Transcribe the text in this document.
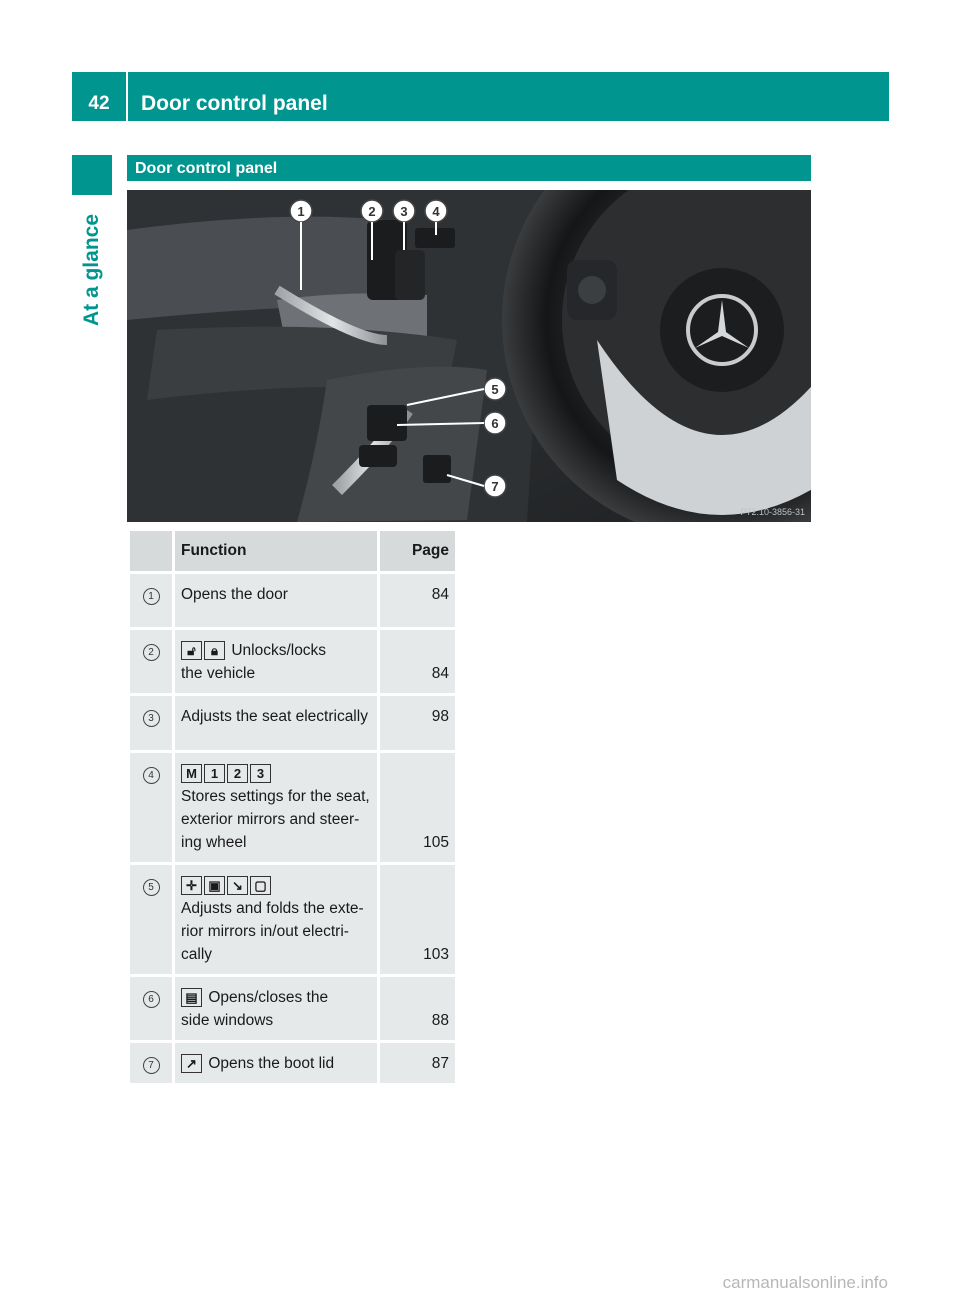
42	Door control panel
At a glance
Door control panel
1	2 3 4
5
6
7
P72.10-3856-31
	Function	Page

1	Opens the door	84

2	🔓︎ 🔒︎ Unlocks/locks
the vehicle	84

3	Adjusts the seat electrically	98

4	M 1 2 3
Stores settings for the seat,
exterior mirrors and steer-
ing wheel	105

5	✛ ▣ ↘ ▢
Adjusts and folds the exte-
rior mirrors in/out electri-
cally	103

6	▤ Opens/closes the
side windows	88

7	↗ Opens the boot lid	87
carmanualsonline.info
